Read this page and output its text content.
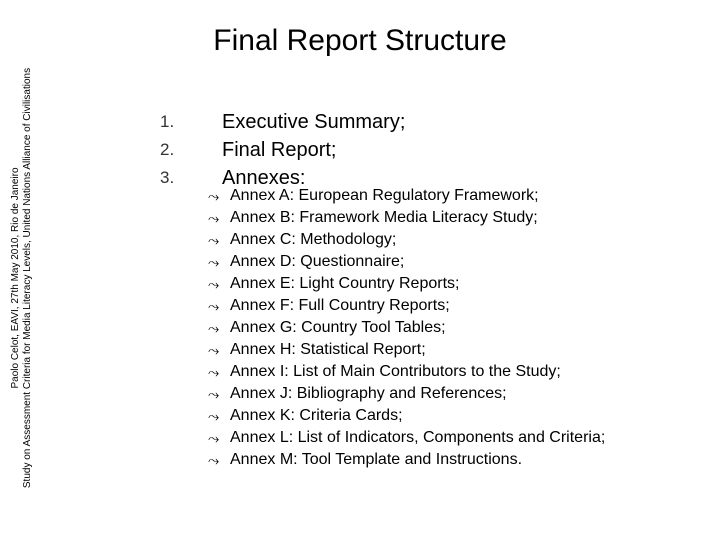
Paolo Celot, EAVI, 27th May 2010, Rio de Janeiro Study on Assessment Criteria for Media Literacy Levels, United Nations Alliance of Civilisations
Final Report Structure
1.	Executive Summary;
2.	Final Report;
3.	Annexes:
⤳ Annex A: European Regulatory Framework;
⤳ Annex B: Framework Media Literacy Study;
⤳ Annex C: Methodology;
⤳ Annex D: Questionnaire;
⤳ Annex E: Light Country Reports;
⤳ Annex F: Full Country Reports;
⤳ Annex G: Country Tool Tables;
⤳ Annex H: Statistical Report;
⤳ Annex I: List of Main Contributors to the Study;
⤳ Annex J: Bibliography and References;
⤳ Annex K: Criteria Cards;
⤳ Annex L: List of Indicators, Components and Criteria;
⤳ Annex M: Tool Template and Instructions.
